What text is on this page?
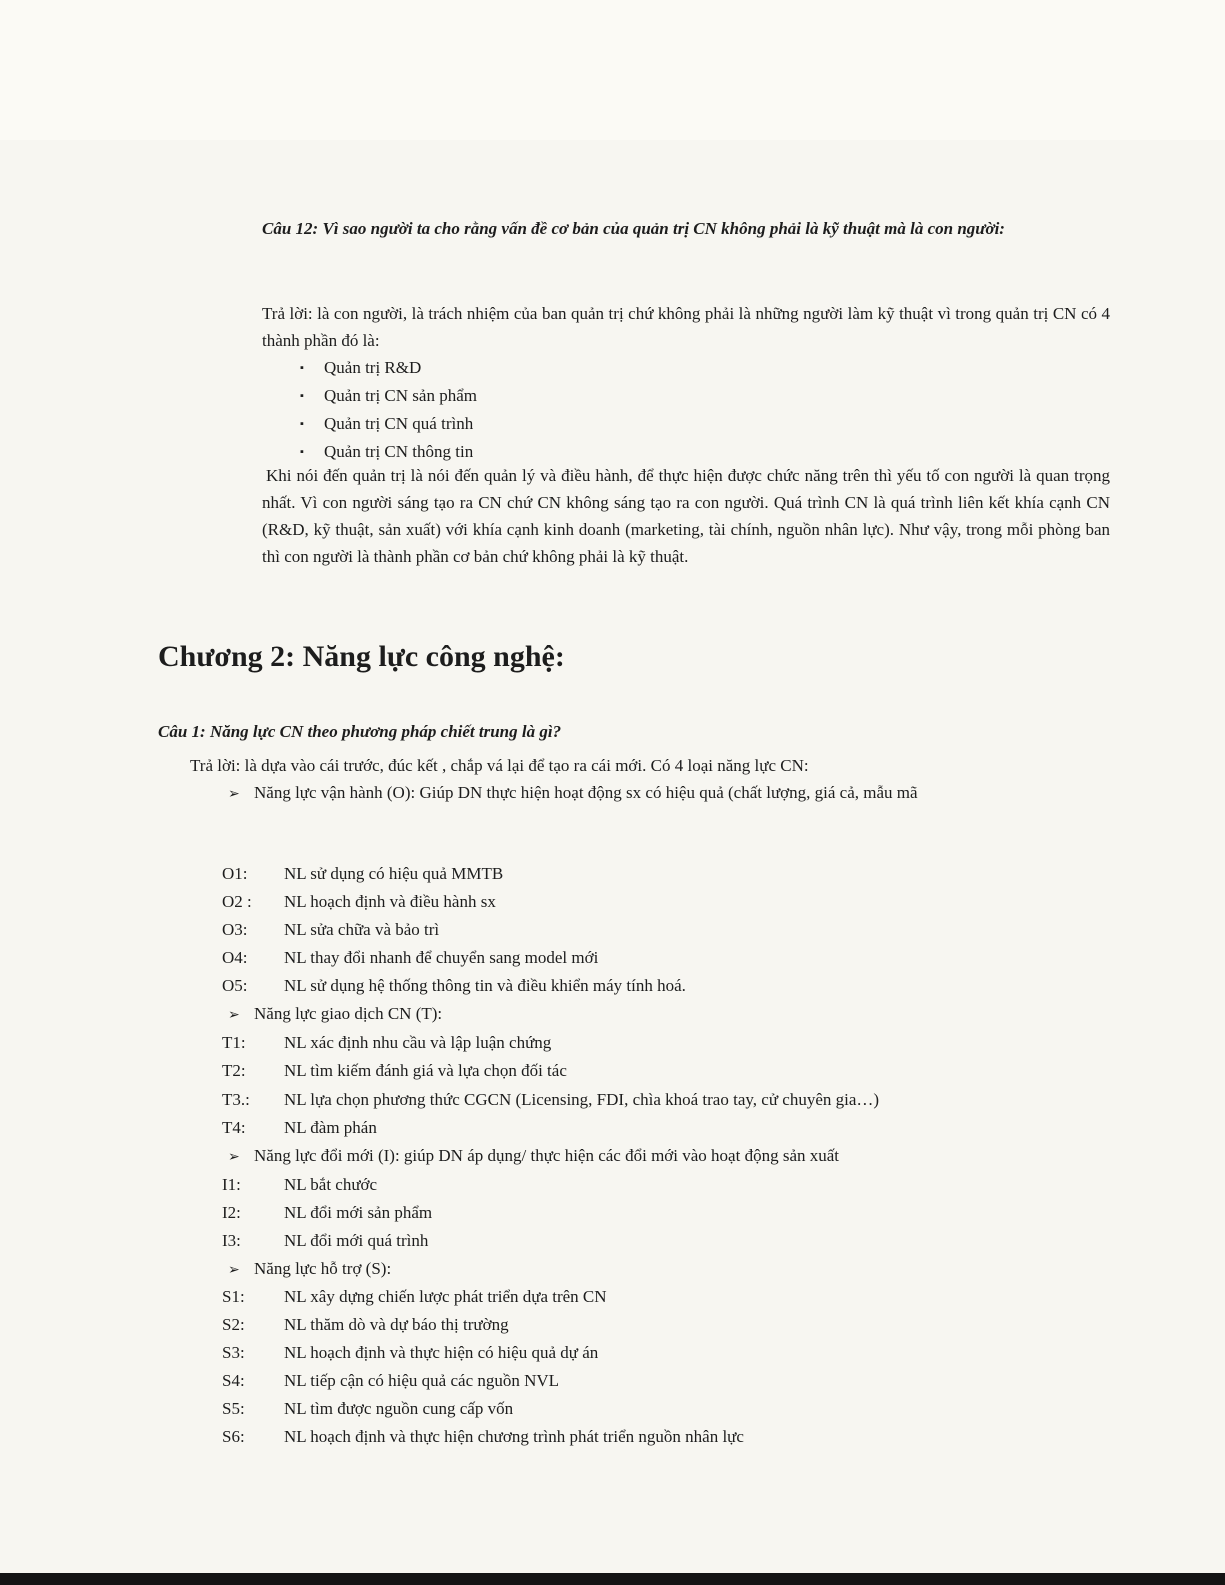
Câu 12: Vì sao người ta cho rằng vấn đề cơ bản của quản trị CN không phải là kỹ thuật mà là con người:
Trả lời: là con người, là trách nhiệm của ban quản trị chứ không phải là những người làm kỹ thuật vì trong quản trị CN có 4 thành phần đó là:
▪ Quản trị R&D
▪ Quản trị CN sản phẩm
▪ Quản trị CN quá trình
▪ Quản trị CN thông tin
Khi nói đến quản trị là nói đến quản lý và điều hành, để thực hiện được chức năng trên thì yếu tố con người là quan trọng nhất. Vì con người sáng tạo ra CN chứ CN không sáng tạo ra con người. Quá trình CN là quá trình liên kết khía cạnh CN (R&D, kỹ thuật, sản xuất) với khía cạnh kinh doanh (marketing, tài chính, nguồn nhân lực). Như vậy, trong mỗi phòng ban thì con người là thành phần cơ bản chứ không phải là kỹ thuật.
Chương 2: Năng lực công nghệ:
Câu 1: Năng lực CN theo phương pháp chiết trung là gì?
Trả lời: là dựa vào cái trước, đúc kết , chắp vá lại để tạo ra cái mới. Có 4 loại năng lực CN:
➢ Năng lực vận hành (O): Giúp DN thực hiện hoạt động sx có hiệu quả (chất lượng, giá cả, mẫu mã
O1: NL sử dụng có hiệu quả MMTB
O2 : NL hoạch định và điều hành sx
O3: NL sửa chữa và bảo trì
O4: NL thay đổi nhanh để chuyển sang model mới
O5: NL sử dụng hệ thống thông tin và điều khiển máy tính hoá.
➢ Năng lực giao dịch CN (T):
T1: NL xác định nhu cầu và lập luận chứng
T2: NL tìm kiếm đánh giá và lựa chọn đối tác
T3.: NL lựa chọn phương thức CGCN (Licensing, FDI, chìa khoá trao tay, cử chuyên gia…)
T4: NL đàm phán
➢ Năng lực đổi mới (I): giúp DN áp dụng/ thực hiện các đổi mới vào hoạt động sản xuất
I1:	NL bắt chước
I2:	NL đổi mới sản phẩm
I3:	NL đổi mới quá trình
➢ Năng lực hỗ trợ (S):
S1: NL xây dựng chiến lược phát triển dựa trên CN
S2: NL thăm dò và dự báo thị trường
S3: NL hoạch định và thực hiện có hiệu quả dự án
S4: NL tiếp cận có hiệu quả các nguồn NVL
S5: NL tìm được nguồn cung cấp vốn
S6: NL hoạch định và thực hiện chương trình phát triển nguồn nhân lực
